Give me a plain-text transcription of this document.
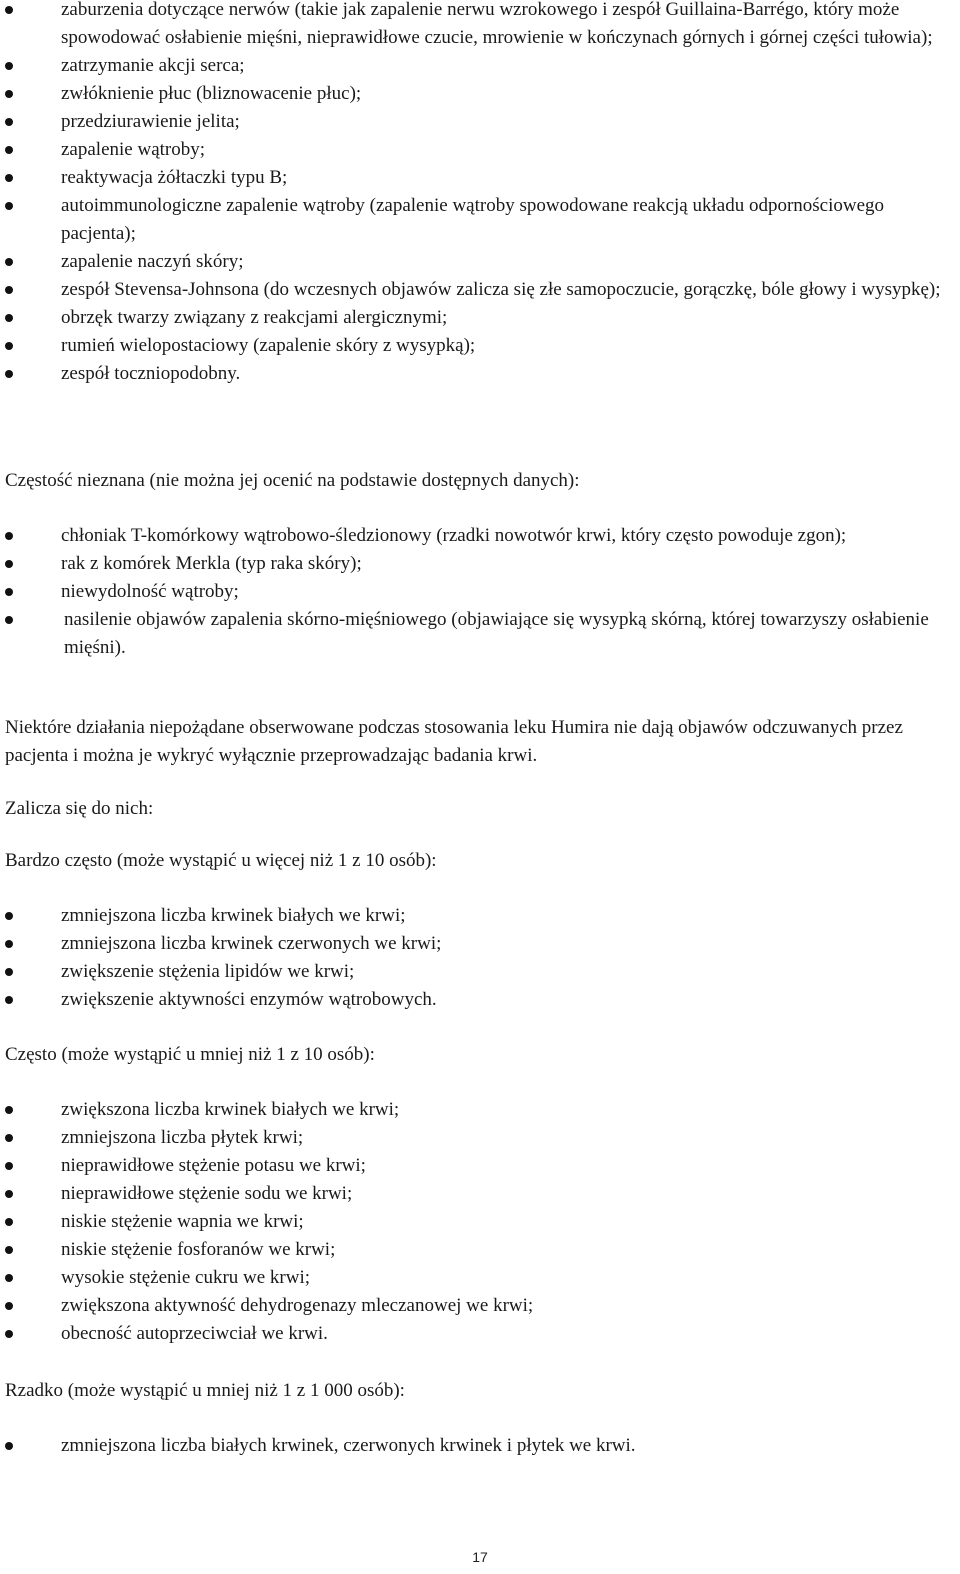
zaburzenia dotyczące nerwów (takie jak zapalenie nerwu wzrokowego i zespół Guillaina-Barrégo, który może spowodować osłabienie mięśni, nieprawidłowe czucie, mrowienie w kończynach górnych i górnej części tułowia);
zatrzymanie akcji serca;
zwłóknienie płuc (bliznowacenie płuc);
przedziurawienie jelita;
zapalenie wątroby;
reaktywacja żółtaczki typu B;
autoimmunologiczne zapalenie wątroby (zapalenie wątroby spowodowane reakcją układu odpornościowego pacjenta);
zapalenie naczyń skóry;
zespół Stevensa-Johnsona (do wczesnych objawów zalicza się złe samopoczucie, gorączkę, bóle głowy i wysypkę);
obrzęk twarzy związany z reakcjami alergicznymi;
rumień wielopostaciowy (zapalenie skóry z wysypką);
zespół toczniopodobny.

Częstość nieznana (nie można jej ocenić na podstawie dostępnych danych):

chłoniak T-komórkowy wątrobowo-śledzionowy (rzadki nowotwór krwi, który często powoduje zgon);
rak z komórek Merkla (typ raka skóry);
niewydolność wątroby;
nasilenie objawów zapalenia skórno-mięśniowego (objawiające się wysypką skórną, której towarzyszy osłabienie mięśni).

Niektóre działania niepożądane obserwowane podczas stosowania leku Humira nie dają objawów odczuwanych przez pacjenta i można je wykryć wyłącznie przeprowadzając badania krwi.

Zalicza się do nich:

Bardzo często (może wystąpić u więcej niż 1 z 10 osób):

zmniejszona liczba krwinek białych we krwi;
zmniejszona liczba krwinek czerwonych we krwi;
zwiększenie stężenia lipidów we krwi;
zwiększenie aktywności enzymów wątrobowych.

Często (może wystąpić u mniej niż 1 z 10 osób):

zwiększona liczba krwinek białych we krwi;
zmniejszona liczba płytek krwi;
nieprawidłowe stężenie potasu we krwi;
nieprawidłowe stężenie sodu we krwi;
niskie stężenie wapnia we krwi;
niskie stężenie fosforanów we krwi;
wysokie stężenie cukru we krwi;
zwiększona aktywność dehydrogenazy mleczanowej we krwi;
obecność autoprzeciwciał we krwi.

Rzadko (może wystąpić u mniej niż 1 z 1 000 osób):

zmniejszona liczba białych krwinek, czerwonych krwinek i płytek we krwi.
17
